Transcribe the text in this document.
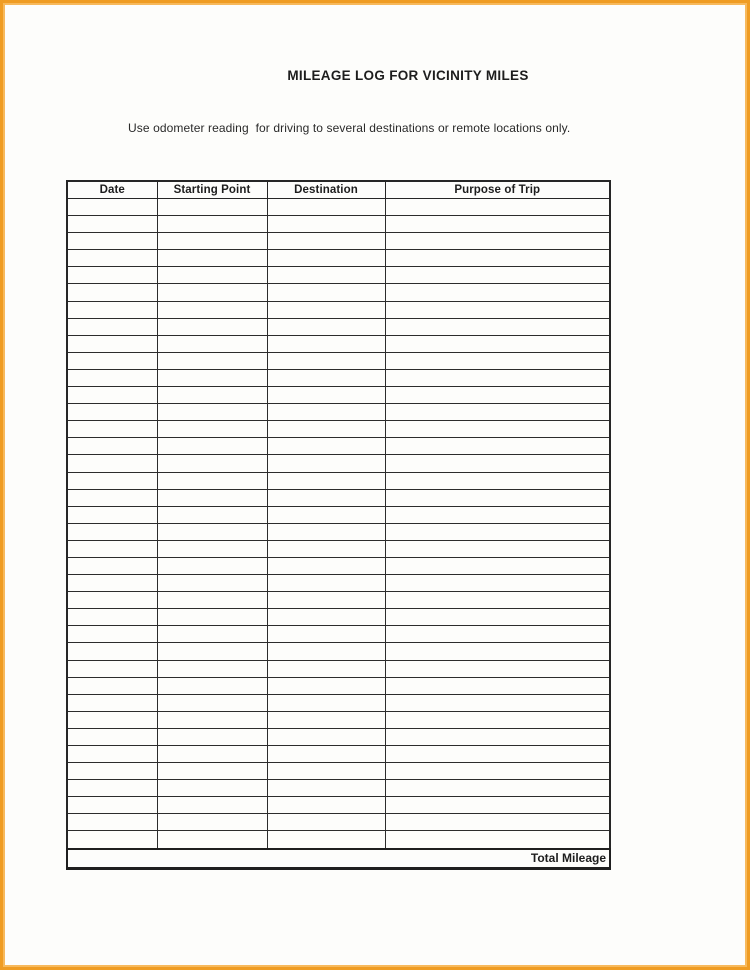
MILEAGE LOG FOR VICINITY MILES
Use odometer reading  for driving to several destinations or remote locations only.
Date	Starting Point	Destination	Purpose of Trip

Total Mileage			
